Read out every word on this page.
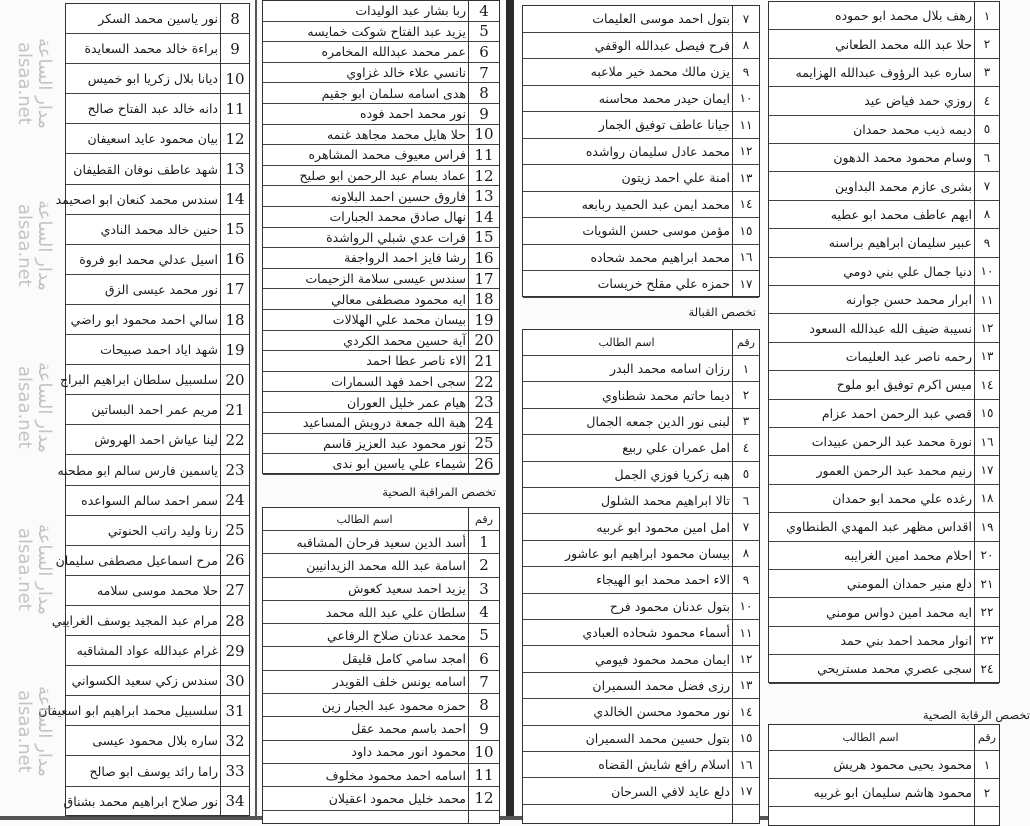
8
نور ياسين محمد السكر
9
براءة خالد محمد السعايدة
10
ديانا بلال زكريا ابو خميس
11
دانه خالد عبد الفتاح صالح
12
بيان محمود عايد اسعيفان
13
شهد عاطف نوفان القطيفان
14
سندس محمد كنعان ابو اصحيمد
15
حنين خالد محمد النادي
16
اسيل عدلي محمد ابو فروة
17
نور محمد عيسى الزق
18
سالي احمد محمود ابو راضي
19
شهد اياد احمد صبيحات
20
سلسبيل سلطان ابراهيم البراج
21
مريم عمر احمد البساتين
22
لينا عياش احمد الهروش
23
ياسمين فارس سالم ابو مطحنه
24
سمر احمد سالم السواعده
25
رنا وليد راتب الحنوتي
26
مرح اسماعيل مصطفى سليمان
27
حلا محمد موسى سلامه
28
مرام عبد المجيد يوسف الغرايبي
29
غرام عبدالله عواد المشاقبه
30
سندس زكي سعيد الكسواني
31
سلسبيل محمد ابراهيم ابو اسعيفان
32
ساره بلال محمود عيسى
33
راما رائد يوسف ابو صالح
34
نور صلاح ابراهيم محمد بشناق
4
ربا بشار عبد الوليدات
5
يزيد عبد الفتاح شوكت خمايسه
6
عمر محمد عبدالله المخامره
7
نانسي علاء خالد غزاوي
8
هدى اسامه سلمان ابو جقيم
9
نور محمد احمد فوده
10
حلا هايل محمد مجاهد غنمه
11
فراس معيوف محمد المشاهره
12
عماد بسام عبد الرحمن ابو صليح
13
فاروق حسين احمد البلاونه
14
نهال صادق محمد الجبارات
15
فرات عدي شبلي الرواشدة
16
رشا فايز احمد الرواجفة
17
سندس عيسى سلامة الزحيمات
18
ايه محمود مصطفى معالي
19
بيسان محمد علي الهلالات
20
آية حسين محمد الكردي
21
الاء ناصر عطا احمد
22
سجى احمد فهد السمارات
23
هيام عمر خليل العوران
24
هبة الله جمعة درويش المساعيد
25
نور محمود عبد العزيز قاسم
26
شيماء علي ياسين ابو ندى
تخصص المراقبة الصحية
رقم
اسم الطالب
1
أسد الدين سعيد فرحان المشاقبه
2
اسامة عبد الله محمد الزيدانيين
3
يزيد احمد سعيد كعوش
4
سلطان علي عبد الله محمد
5
محمد عدنان صلاح الرفاعي
6
امجد سامي كامل قليقل
7
اسامه يونس خلف القويدر
8
حمزه محمود عبد الجبار زين
9
احمد باسم محمد عقل
10
محمود انور محمد داود
11
اسامه احمد محمود مخلوف
12
محمد خليل محمود اعقيلان
٧
بتول احمد موسى العليمات
٨
فرح فيصل عبدالله الوقفي
٩
يزن مالك محمد خير ملاعبه
١٠
ايمان حيدر محمد محاسنه
١١
جيانا عاطف توفيق الجمار
١٢
محمد عادل سليمان رواشده
١٣
امنة علي احمد زيتون
١٤
محمد ايمن عبد الحميد ربابعه
١٥
مؤمن موسى حسن الشويات
١٦
محمد ابراهيم محمد شحاده
١٧
حمزه علي مقلح خريسات
تخصص القبالة
رقم
اسم الطالب
١
رزان اسامه محمد البدر
٢
ديما حاتم محمد شطناوي
٣
لبنى نور الدين جمعه الجمال
٤
امل عمران علي ربيع
٥
هبه زكريا فوزي الجمل
٦
تالا ابراهيم محمد الشلول
٧
امل امين محمود ابو غربيه
٨
بيسان محمود ابراهيم ابو عاشور
٩
الاء احمد محمد ابو الهيجاء
١٠
بتول عدنان محمود فرح
١١
أسماء محمود شحاده العبادي
١٢
ايمان محمد محمود فيومي
١٣
رزى فضل محمد السميران
١٤
نور محمود محسن الخالدي
١٥
بتول حسين محمد السميران
١٦
اسلام رافع شايش القضاه
١٧
دلع عايد لافي السرحان
١
رهف بلال محمد ابو حموده
٢
حلا عبد الله محمد الطعاني
٣
ساره عبد الرؤوف عبدالله الهزايمه
٤
روزي حمد فياض عيد
٥
ديمه ذيب محمد حمدان
٦
وسام محمود محمد الدهون
٧
بشرى عازم محمد البداوين
٨
ايهم عاطف محمد ابو عطيه
٩
عبير سليمان ابراهيم براسنه
١٠
دنيا جمال علي بني دومي
١١
ابرار محمد حسن جوارنه
١٢
نسيبة ضيف الله عبدالله السعود
١٣
رحمه ناصر عبد العليمات
١٤
ميس اكرم توفيق ابو ملوح
١٥
قصي عبد الرحمن احمد عزام
١٦
نورة محمد عبد الرحمن عبيدات
١٧
رنيم محمد عبد الرحمن العمور
١٨
رغده علي محمد ابو حمدان
١٩
اقداس مظهر عبد المهدي الطنطاوي
٢٠
احلام محمد امين الغرايبه
٢١
دلع منير حمدان المومني
٢٢
ايه محمد امين دواس مومني
٢٣
انوار محمد احمد بني حمد
٢٤
سجى عصري محمد مستريحي
تخصص الرقابة الصحية
رقم
اسم الطالب
١
محمود يحيى محمود هريش
٢
محمود هاشم سليمان ابو غربيه
مدار الساعة
alsaa.net
مدار الساعة
alsaa.net
مدار الساعة
alsaa.net
مدار الساعة
alsaa.net
مدار الساعة
alsaa.net
